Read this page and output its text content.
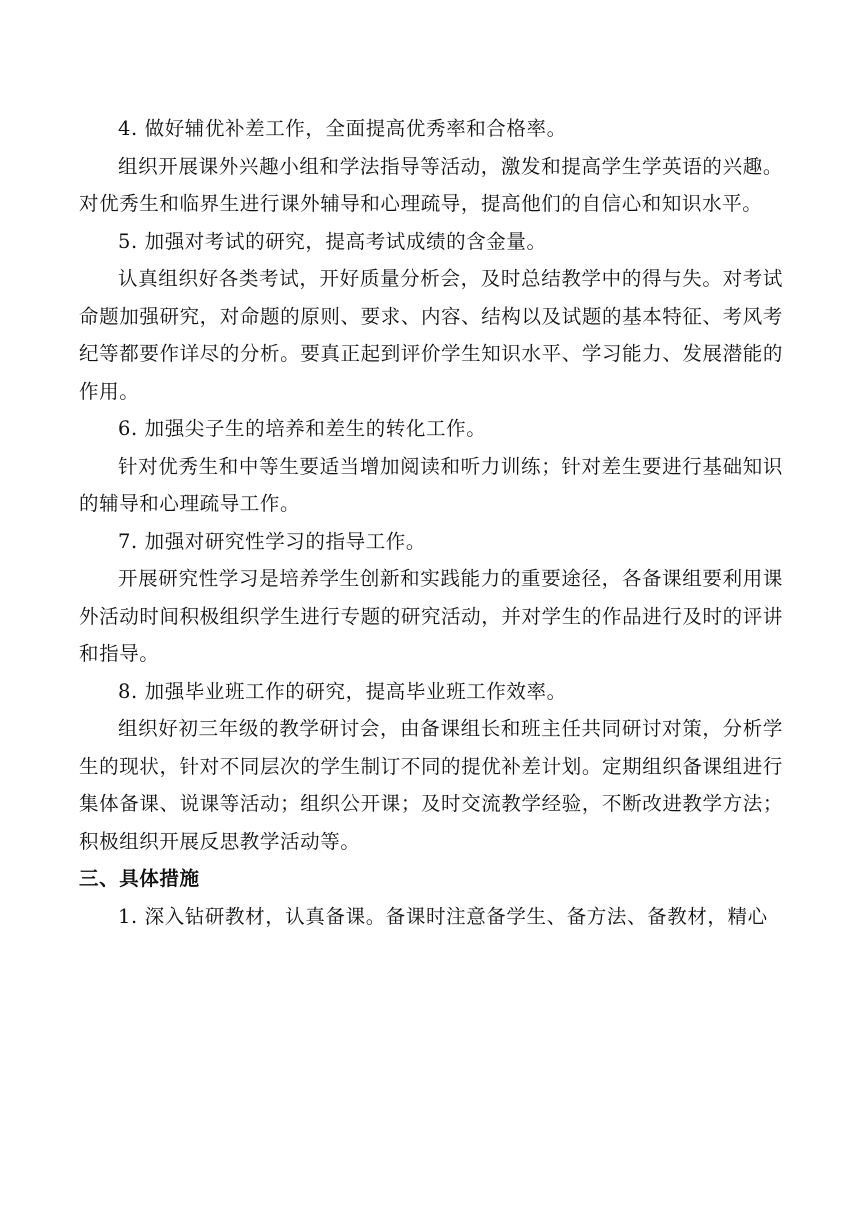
4. 做好辅优补差工作，全面提高优秀率和合格率。

组织开展课外兴趣小组和学法指导等活动，激发和提高学生学英语的兴趣。对优秀生和临界生进行课外辅导和心理疏导，提高他们的自信心和知识水平。

5. 加强对考试的研究，提高考试成绩的含金量。

认真组织好各类考试，开好质量分析会，及时总结教学中的得与失。对考试命题加强研究，对命题的原则、要求、内容、结构以及试题的基本特征、考风考纪等都要作详尽的分析。要真正起到评价学生知识水平、学习能力、发展潜能的作用。

6. 加强尖子生的培养和差生的转化工作。

针对优秀生和中等生要适当增加阅读和听力训练；针对差生要进行基础知识的辅导和心理疏导工作。

7. 加强对研究性学习的指导工作。

开展研究性学习是培养学生创新和实践能力的重要途径，各备课组要利用课外活动时间积极组织学生进行专题的研究活动，并对学生的作品进行及时的评讲和指导。

8. 加强毕业班工作的研究，提高毕业班工作效率。

组织好初三年级的教学研讨会，由备课组长和班主任共同研讨对策，分析学生的现状，针对不同层次的学生制订不同的提优补差计划。定期组织备课组进行集体备课、说课等活动；组织公开课；及时交流教学经验，不断改进教学方法；积极组织开展反思教学活动等。

三、具体措施

1. 深入钻研教材，认真备课。备课时注意备学生、备方法、备教材，精心
